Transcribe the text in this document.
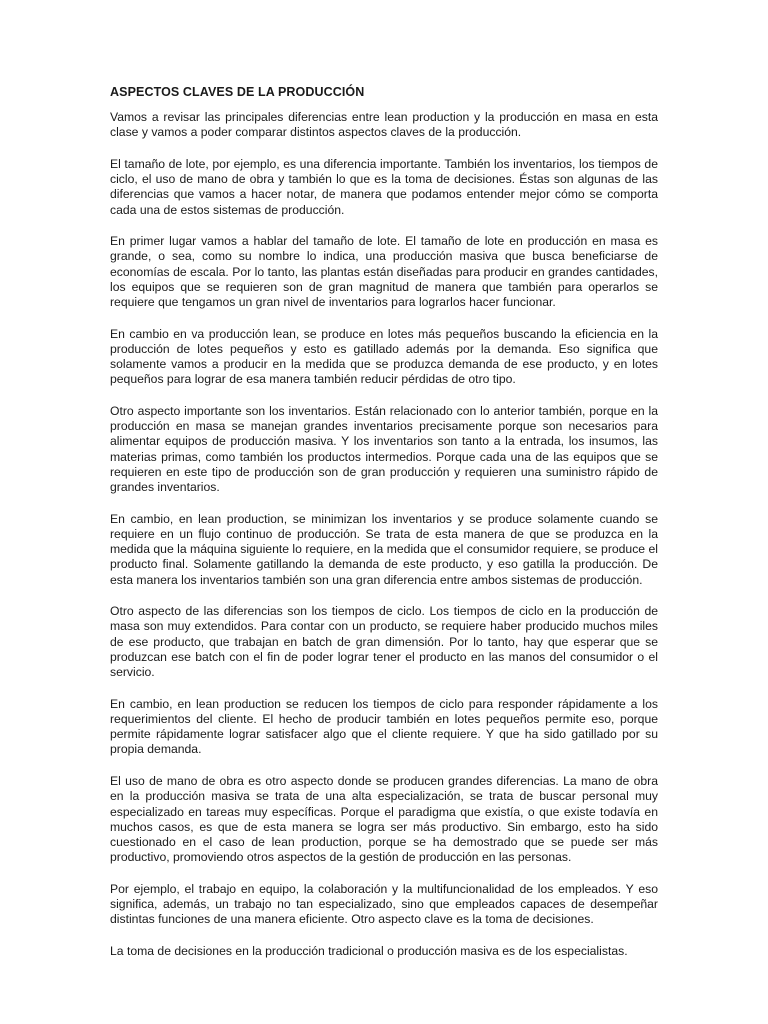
ASPECTOS CLAVES DE LA PRODUCCIÓN

Vamos a revisar las principales diferencias entre lean production y la producción en masa en esta clase y vamos a poder comparar distintos aspectos claves de la producción.

El tamaño de lote, por ejemplo, es una diferencia importante. También los inventarios, los tiempos de ciclo, el uso de mano de obra y también lo que es la toma de decisiones. Éstas son algunas de las diferencias que vamos a hacer notar, de manera que podamos entender mejor cómo se comporta cada una de estos sistemas de producción.

En primer lugar vamos a hablar del tamaño de lote. El tamaño de lote en producción en masa es grande, o sea, como su nombre lo indica, una producción masiva que busca beneficiarse de economías de escala. Por lo tanto, las plantas están diseñadas para producir en grandes cantidades, los equipos que se requieren son de gran magnitud de manera que también para operarlos se requiere que tengamos un gran nivel de inventarios para lograrlos hacer funcionar.

En cambio en va producción lean, se produce en lotes más pequeños buscando la eficiencia en la producción de lotes pequeños y esto es gatillado además por la demanda. Eso significa que solamente vamos a producir en la medida que se produzca demanda de ese producto, y en lotes pequeños para lograr de esa manera también reducir pérdidas de otro tipo.

Otro aspecto importante son los inventarios. Están relacionado con lo anterior también, porque en la producción en masa se manejan grandes inventarios precisamente porque son necesarios para alimentar equipos de producción masiva. Y los inventarios son tanto a la entrada, los insumos, las materias primas, como también los productos intermedios. Porque cada una de las equipos que se requieren en este tipo de producción son de gran producción y requieren una suministro rápido de grandes inventarios.

En cambio, en lean production, se minimizan los inventarios y se produce solamente cuando se requiere en un flujo continuo de producción. Se trata de esta manera de que se produzca en la medida que la máquina siguiente lo requiere, en la medida que el consumidor requiere, se produce el producto final. Solamente gatillando la demanda de este producto, y eso gatilla la producción. De esta manera los inventarios también son una gran diferencia entre ambos sistemas de producción.

Otro aspecto de las diferencias son los tiempos de ciclo. Los tiempos de ciclo en la producción de masa son muy extendidos. Para contar con un producto, se requiere haber producido muchos miles de ese producto, que trabajan en batch de gran dimensión. Por lo tanto, hay que esperar que se produzcan ese batch con el fin de poder lograr tener el producto en las manos del consumidor o el servicio.

En cambio, en lean production se reducen los tiempos de ciclo para responder rápidamente a los requerimientos del cliente. El hecho de producir también en lotes pequeños permite eso, porque permite rápidamente lograr satisfacer algo que el cliente requiere. Y que ha sido gatillado por su propia demanda.

El uso de mano de obra es otro aspecto donde se producen grandes diferencias. La mano de obra en la producción masiva se trata de una alta especialización, se trata de buscar personal muy especializado en tareas muy específicas. Porque el paradigma que existía, o que existe todavía en muchos casos, es que de esta manera se logra ser más productivo. Sin embargo, esto ha sido cuestionado en el caso de lean production, porque se ha demostrado que se puede ser más productivo, promoviendo otros aspectos de la gestión de producción en las personas.

Por ejemplo, el trabajo en equipo, la colaboración y la multifuncionalidad de los empleados. Y eso significa, además, un trabajo no tan especializado, sino que empleados capaces de desempeñar distintas funciones de una manera eficiente. Otro aspecto clave es la toma de decisiones.

La toma de decisiones en la producción tradicional o producción masiva es de los especialistas.
